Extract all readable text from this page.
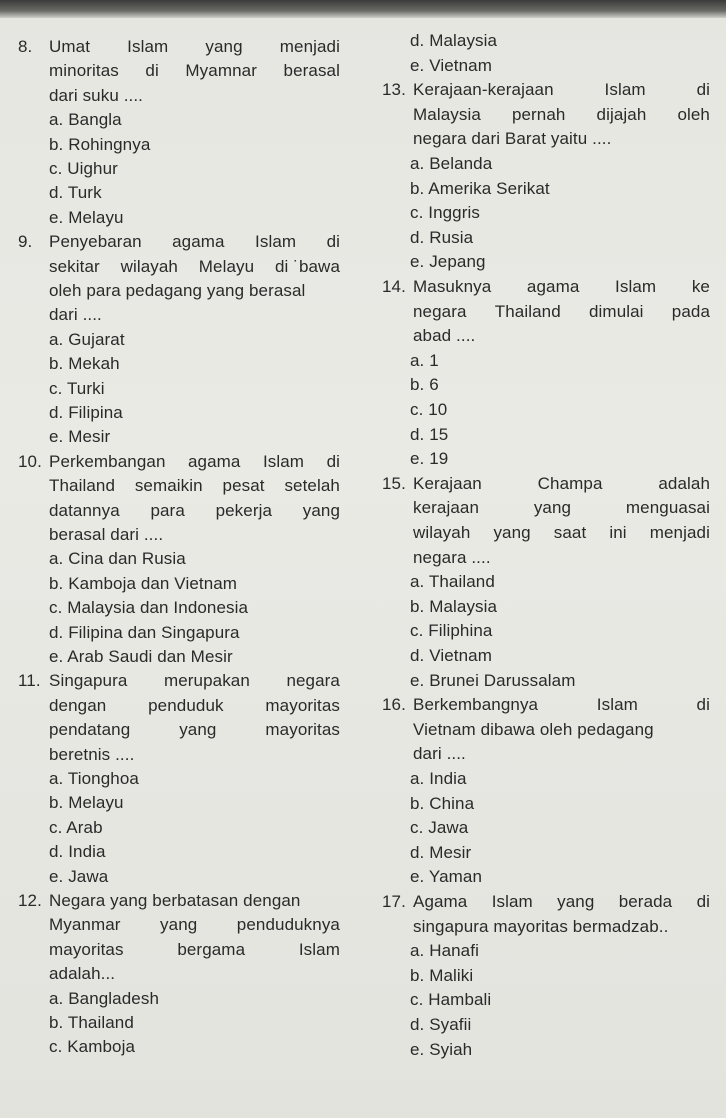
8. Umat Islam yang menjadi
minoritas di Myamnar berasal
dari suku ....
a. Bangla
b. Rohingnya
c. Uighur
d. Turk
e. Melayu
9. Penyebaran agama Islam di
sekitar wilayah Melayu di ˙bawa
oleh para pedagang yang berasal
dari ....
a. Gujarat
b. Mekah
c. Turki
d. Filipina
e. Mesir
10. Perkembangan agama Islam di
Thailand semaikin pesat setelah
datannya para pekerja yang
berasal dari ....
a. Cina dan Rusia
b. Kamboja dan Vietnam
c. Malaysia dan Indonesia
d. Filipina dan Singapura
e. Arab Saudi dan Mesir
11. Singapura merupakan negara
dengan penduduk mayoritas
pendatang	yang	mayoritas
beretnis ....
a. Tionghoa
b. Melayu
c. Arab
d. India
e. Jawa
12. Negara yang berbatasan dengan
Myanmar yang penduduknya
mayoritas	bergama	Islam
adalah...
a. Bangladesh
b. Thailand
c. Kamboja
d. Malaysia
e. Vietnam
13. Kerajaan-kerajaan	Islam	di
Malaysia pernah dijajah oleh
negara dari Barat yaitu ....
a. Belanda
b. Amerika Serikat
c. Inggris
d. Rusia
e. Jepang
14. Masuknya agama Islam ke
negara Thailand dimulai pada
abad ....
a. 1
b. 6
c. 10
d. 15
e. 19
15. Kerajaan	Champa	adalah
kerajaan	yang	menguasai
wilayah yang saat ini menjadi
negara ....
a. Thailand
b. Malaysia
c. Filiphina
d. Vietnam
e. Brunei Darussalam
16. Berkembangnya	Islam	di
Vietnam dibawa oleh pedagang
dari ....
a. India
b. China
c. Jawa
d. Mesir
e. Yaman
17. Agama Islam yang berada di
singapura mayoritas bermadzab..
a. Hanafi
b. Maliki
c. Hambali
d. Syafii
e. Syiah
